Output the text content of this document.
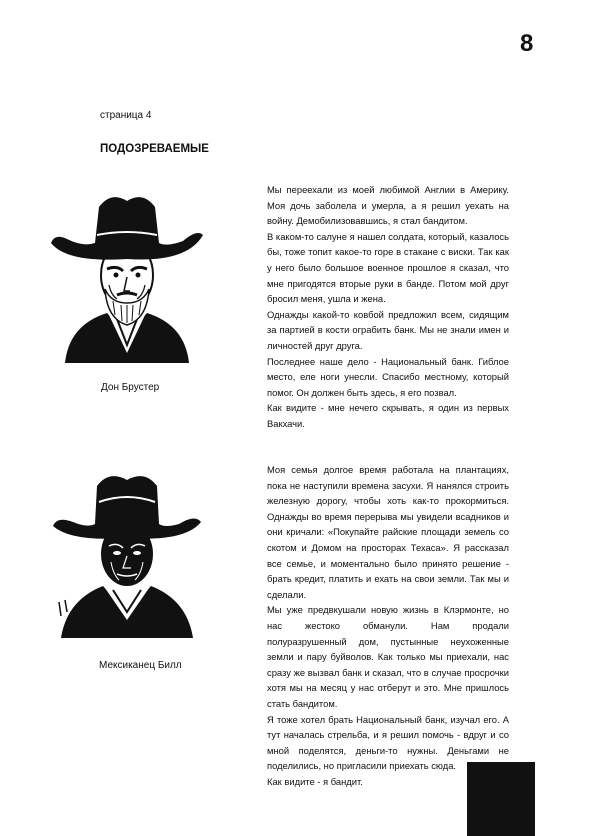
8
страница 4
ПОДОЗРЕВАЕМЫЕ
Дон Брустер

Мы переехали из моей любимой Англии в Америку. Моя дочь заболела и умерла, а я решил уехать на войну. Демобилизовавшись, я стал бандитом.

В каком-то салуне я нашел солдата, который, казалось бы, тоже топит какое-то горе в стакане с виски. Так как у него было большое военное прошлое я сказал, что мне пригодятся вторые руки в банде. Потом мой друг бросил меня, ушла и жена.

Однажды какой-то ковбой предложил всем, сидящим за партией в кости ограбить банк. Мы не знали имен и личностей друг друга.

Последнее наше дело - Национальный банк. Гиблое место, еле ноги унесли. Спасибо местному, который помог. Он должен быть здесь, я его позвал.

Как видите - мне нечего скрывать, я один из первых Вакхачи.

Мексиканец Билл

Моя семья долгое время работала на плантациях, пока не наступили времена засухи. Я нанялся строить железную дорогу, чтобы хоть как-то прокормиться. Однажды во время перерыва мы увидели всадников и они кричали: «Покупайте райские площади земель со скотом и Домом на просторах Техаса». Я рассказал все семье, и моментально было принято решение - брать кредит, платить и ехать на свои земли. Так мы и сделали.

Мы уже предвкушали новую жизнь в Клэрмонте, но нас жестоко обманули. Нам продали полуразрушенный дом, пустынные неухоженные земли и пару буйволов. Как только мы приехали, нас сразу же вызвал банк и сказал, что в случае просрочки хотя мы на месяц у нас отберут и это. Мне пришлось стать бандитом.

Я тоже хотел брать Национальный банк, изучал его. А тут началась стрельба, и я решил помочь - вдруг и со мной поделятся, деньги-то нужны. Деньгами не поделились, но пригласили приехать сюда.

Как видите - я бандит.
